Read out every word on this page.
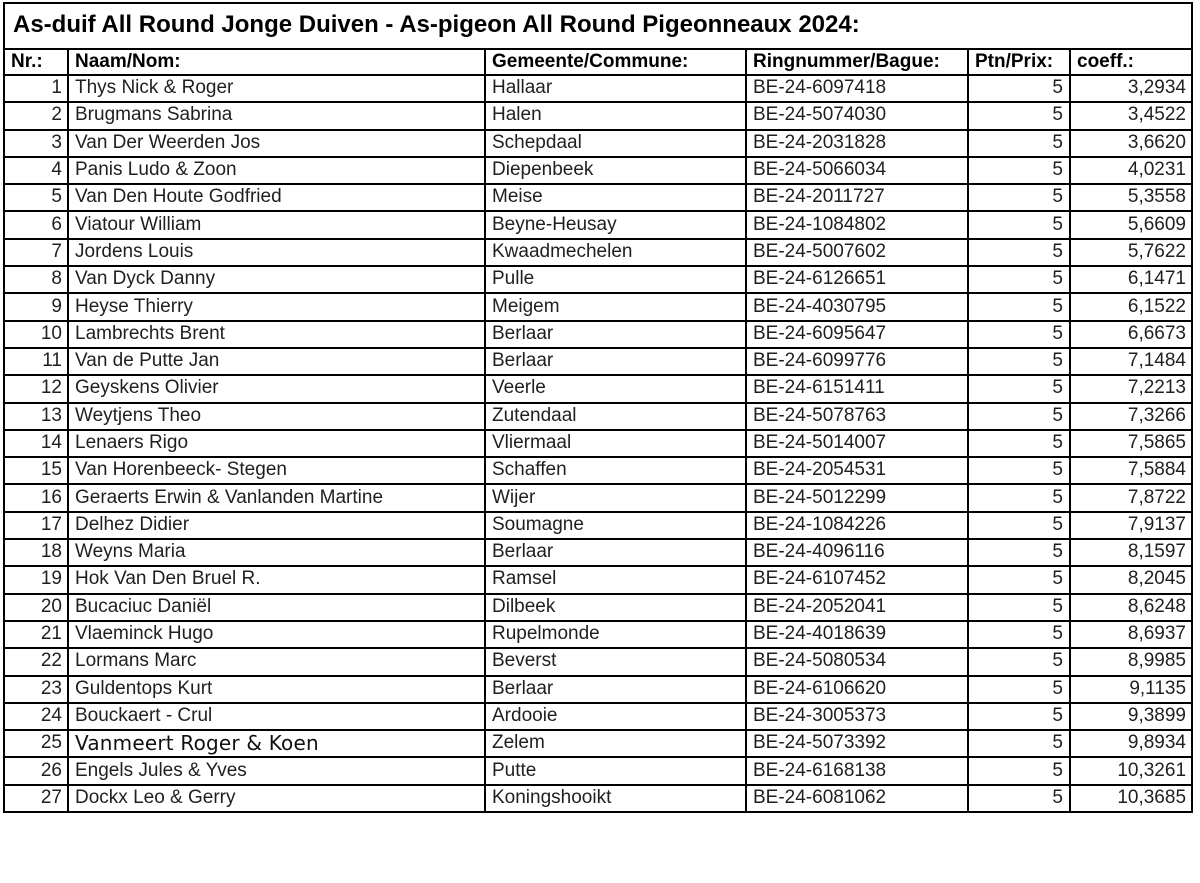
As-duif All Round Jonge Duiven - As-pigeon All Round Pigeonneaux 2024:					
Nr.:	Naam/Nom:	Gemeente/Commune:	Ringnummer/Bague:	Ptn/Prix:	coeff.:
1	Thys Nick & Roger	Hallaar	BE-24-6097418	5	3,2934
2	Brugmans Sabrina	Halen	BE-24-5074030	5	3,4522
3	Van Der Weerden Jos	Schepdaal	BE-24-2031828	5	3,6620
4	Panis Ludo & Zoon	Diepenbeek	BE-24-5066034	5	4,0231
5	Van Den Houte Godfried	Meise	BE-24-2011727	5	5,3558
6	Viatour William	Beyne-Heusay	BE-24-1084802	5	5,6609
7	Jordens Louis	Kwaadmechelen	BE-24-5007602	5	5,7622
8	Van Dyck Danny	Pulle	BE-24-6126651	5	6,1471
9	Heyse Thierry	Meigem	BE-24-4030795	5	6,1522
10	Lambrechts Brent	Berlaar	BE-24-6095647	5	6,6673
11	Van de Putte Jan	Berlaar	BE-24-6099776	5	7,1484
12	Geyskens Olivier	Veerle	BE-24-6151411	5	7,2213
13	Weytjens Theo	Zutendaal	BE-24-5078763	5	7,3266
14	Lenaers Rigo	Vliermaal	BE-24-5014007	5	7,5865
15	Van Horenbeeck- Stegen	Schaffen	BE-24-2054531	5	7,5884
16	Geraerts Erwin & Vanlanden Martine	Wijer	BE-24-5012299	5	7,8722
17	Delhez Didier	Soumagne	BE-24-1084226	5	7,9137
18	Weyns Maria	Berlaar	BE-24-4096116	5	8,1597
19	Hok Van Den Bruel R.	Ramsel	BE-24-6107452	5	8,2045
20	Bucaciuc Daniël	Dilbeek	BE-24-2052041	5	8,6248
21	Vlaeminck Hugo	Rupelmonde	BE-24-4018639	5	8,6937
22	Lormans Marc	Beverst	BE-24-5080534	5	8,9985
23	Guldentops Kurt	Berlaar	BE-24-6106620	5	9,1135
24	Bouckaert - Crul	Ardooie	BE-24-3005373	5	9,3899
25	Vanmeert Roger & Koen	Zelem	BE-24-5073392	5	9,8934
26	Engels Jules & Yves	Putte	BE-24-6168138	5	10,3261
27	Dockx Leo & Gerry	Koningshooikt	BE-24-6081062	5	10,3685
